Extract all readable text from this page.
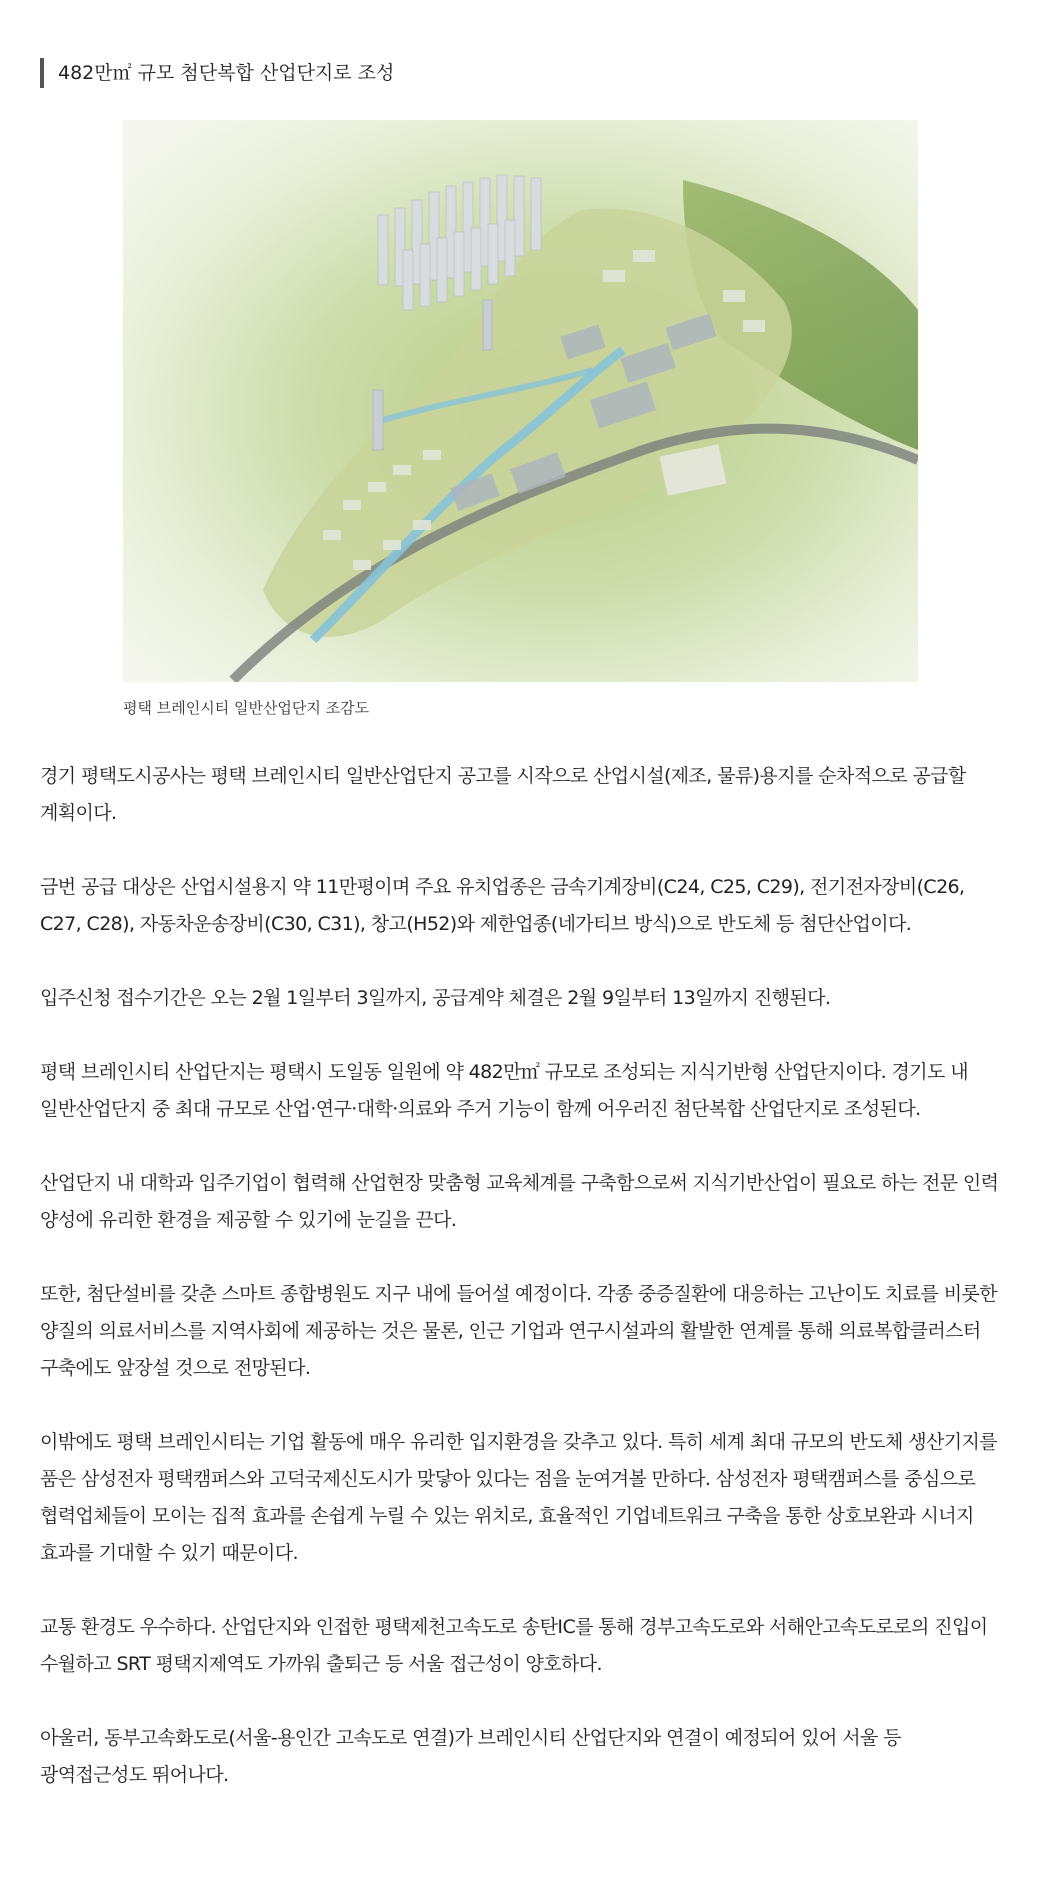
482만㎡ 규모 첨단복합 산업단지로 조성
평택 브레인시티 일반산업단지 조감도

경기 평택도시공사는 평택 브레인시티 일반산업단지 공고를 시작으로 산업시설(제조, 물류)용지를 순차적으로 공급할 계획이다.

금번 공급 대상은 산업시설용지 약 11만평이며 주요 유치업종은 금속기계장비(C24, C25, C29), 전기전자장비(C26, C27, C28), 자동차운송장비(C30, C31), 창고(H52)와 제한업종(네가티브 방식)으로 반도체 등 첨단산업이다.

입주신청 접수기간은 오는 2월 1일부터 3일까지, 공급계약 체결은 2월 9일부터 13일까지 진행된다.

평택 브레인시티 산업단지는 평택시 도일동 일원에 약 482만㎡ 규모로 조성되는 지식기반형 산업단지이다. 경기도 내 일반산업단지 중 최대 규모로 산업·연구·대학·의료와 주거 기능이 함께 어우러진 첨단복합 산업단지로 조성된다.

산업단지 내 대학과 입주기업이 협력해 산업현장 맞춤형 교육체계를 구축함으로써 지식기반산업이 필요로 하는 전문 인력 양성에 유리한 환경을 제공할 수 있기에 눈길을 끈다.

또한, 첨단설비를 갖춘 스마트 종합병원도 지구 내에 들어설 예정이다. 각종 중증질환에 대응하는 고난이도 치료를 비롯한 양질의 의료서비스를 지역사회에 제공하는 것은 물론, 인근 기업과 연구시설과의 활발한 연계를 통해 의료복합클러스터 구축에도 앞장설 것으로 전망된다.

이밖에도 평택 브레인시티는 기업 활동에 매우 유리한 입지환경을 갖추고 있다. 특히 세계 최대 규모의 반도체 생산기지를 품은 삼성전자 평택캠퍼스와 고덕국제신도시가 맞닿아 있다는 점을 눈여겨볼 만하다. 삼성전자 평택캠퍼스를 중심으로 협력업체들이 모이는 집적 효과를 손쉽게 누릴 수 있는 위치로, 효율적인 기업네트워크 구축을 통한 상호보완과 시너지 효과를 기대할 수 있기 때문이다.

교통 환경도 우수하다. 산업단지와 인접한 평택제천고속도로 송탄IC를 통해 경부고속도로와 서해안고속도로로의 진입이 수월하고 SRT 평택지제역도 가까워 출퇴근 등 서울 접근성이 양호하다.

아울러, 동부고속화도로(서울-용인간 고속도로 연결)가 브레인시티 산업단지와 연결이 예정되어 있어 서울 등 광역접근성도 뛰어나다.
